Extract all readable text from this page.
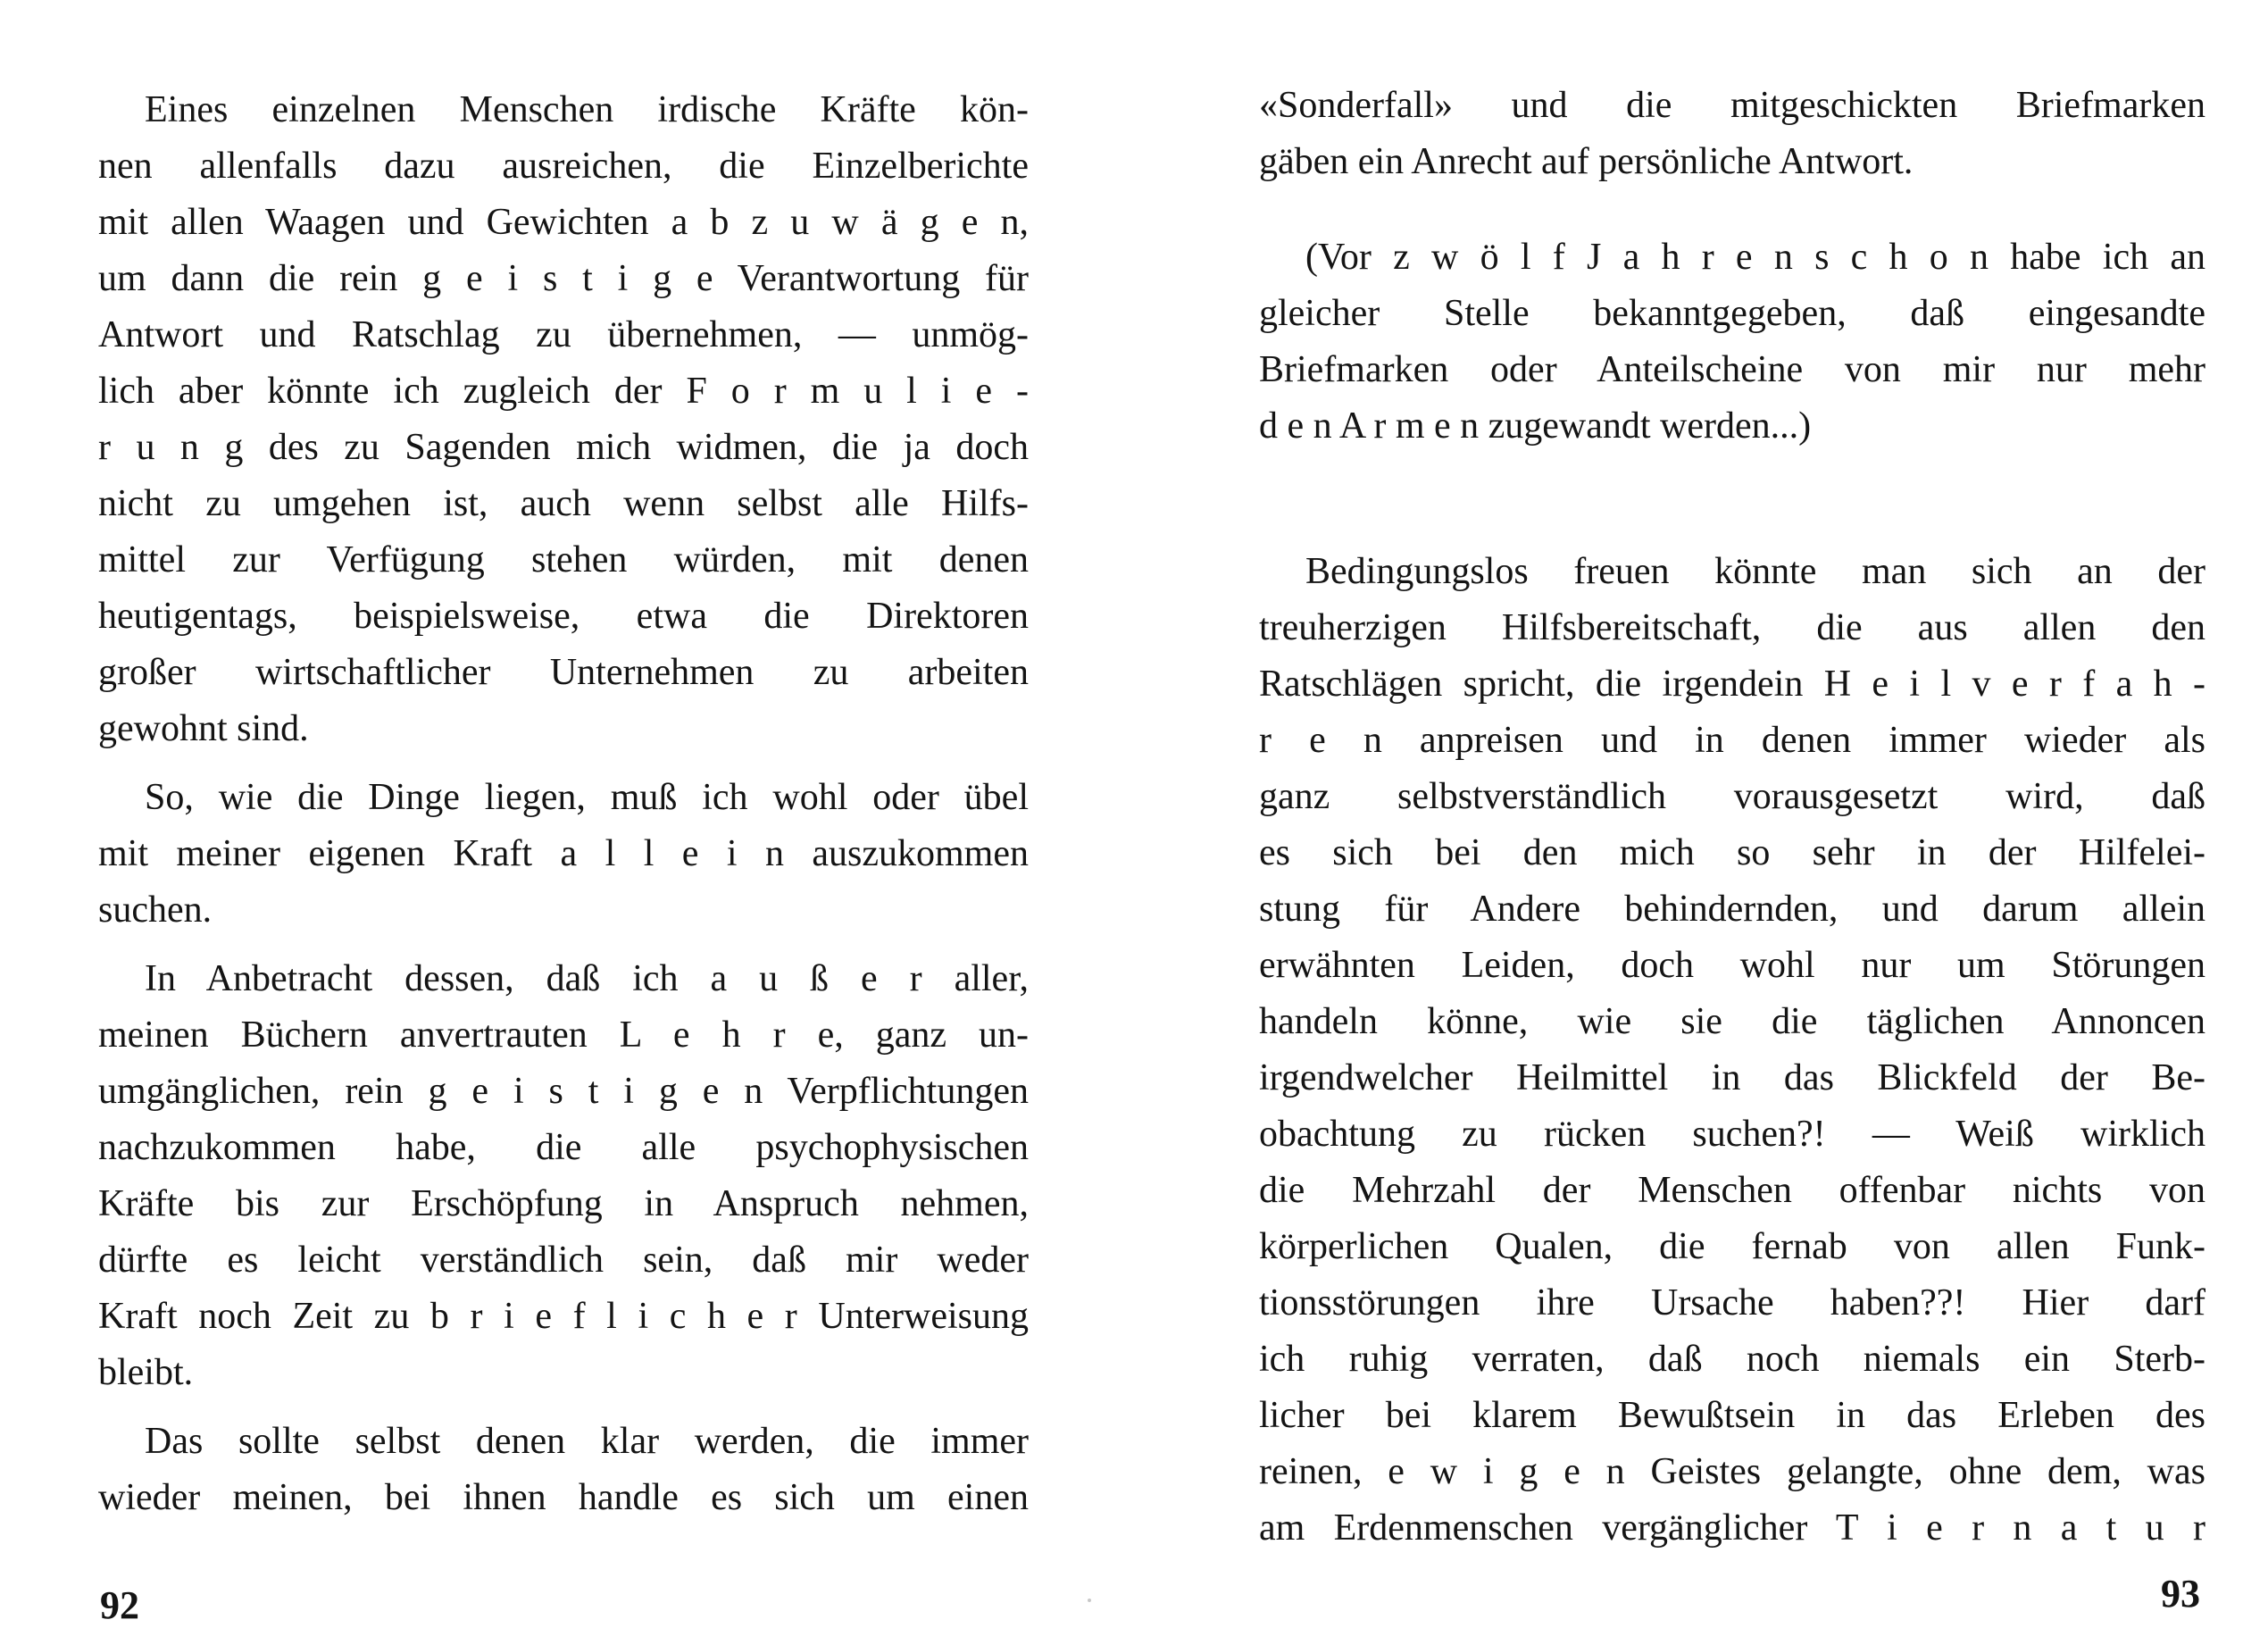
Eines einzelnen Menschen irdische Kräfte kön-
nen allenfalls dazu ausreichen, die Einzelberichte
mit allen Waagen und Gewichten a b z u w ä g e n,
um dann die rein g e i s t i g e Verantwortung für
Antwort und Ratschlag zu übernehmen, — unmög-
lich aber könnte ich zugleich der F o r m u l i e -
r u n g des zu Sagenden mich widmen, die ja doch
nicht zu umgehen ist, auch wenn selbst alle Hilfs-
mittel zur Verfügung stehen würden, mit denen
heutigentags, beispielsweise, etwa die Direktoren
großer wirtschaftlicher Unternehmen zu arbeiten
gewohnt sind.

So, wie die Dinge liegen, muß ich wohl oder übel
mit meiner eigenen Kraft a l l e i n auszukommen
suchen.

In Anbetracht dessen, daß ich a u ß e r aller,
meinen Büchern anvertrauten L e h r e, ganz un-
umgänglichen, rein g e i s t i g e n Verpflichtungen
nachzukommen habe, die alle psychophysischen
Kräfte bis zur Erschöpfung in Anspruch nehmen,
dürfte es leicht verständlich sein, daß mir weder
Kraft noch Zeit zu b r i e f l i c h e r Unterweisung
bleibt.

Das sollte selbst denen klar werden, die immer
wieder meinen, bei ihnen handle es sich um einen

92

«Sonderfall» und die mitgeschickten Briefmarken
gäben ein Anrecht auf persönliche Antwort.

(Vor z w ö l f J a h r e n s c h o n habe ich an
gleicher Stelle bekanntgegeben, daß eingesandte
Briefmarken oder Anteilscheine von mir nur mehr
d e n A r m e n zugewandt werden...)

Bedingungslos freuen könnte man sich an der
treuherzigen Hilfsbereitschaft, die aus allen den
Ratschlägen spricht, die irgendein H e i l v e r f a h -
r e n anpreisen und in denen immer wieder als
ganz selbstverständlich vorausgesetzt wird, daß
es sich bei den mich so sehr in der Hilfelei-
stung für Andere behindernden, und darum allein
erwähnten Leiden, doch wohl nur um Störungen
handeln könne, wie sie die täglichen Annoncen
irgendwelcher Heilmittel in das Blickfeld der Be-
obachtung zu rücken suchen?! — Weiß wirklich
die Mehrzahl der Menschen offenbar nichts von
körperlichen Qualen, die fernab von allen Funk-
tionsstörungen ihre Ursache haben??! Hier darf
ich ruhig verraten, daß noch niemals ein Sterb-
licher bei klarem Bewußtsein in das Erleben des
reinen, e w i g e n Geistes gelangte, ohne dem, was
am Erdenmenschen vergänglicher T i e r n a t u r

93
